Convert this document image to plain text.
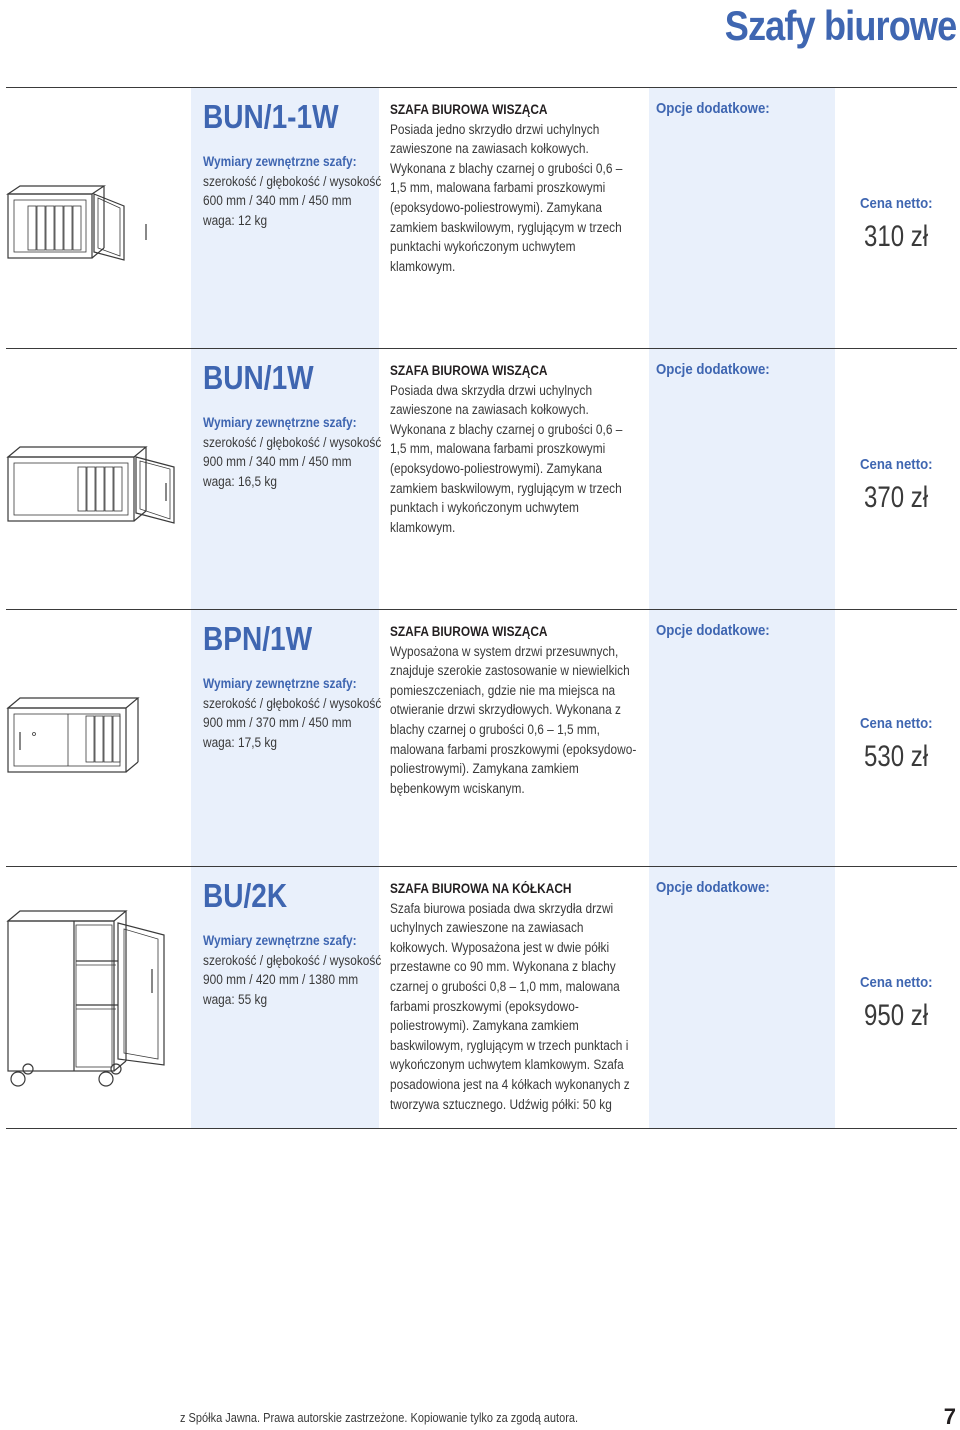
Szafy biurowe
BUN/1-1W
Wymiary zewnętrzne szafy:
szerokość / głębokość / wysokość
600 mm / 340 mm / 450 mm
waga: 12 kg
SZAFA BIUROWA WISZĄCA
Posiada jedno skrzydło drzwi uchylnych zawieszone na zawiasach kołkowych. Wykonana z blachy czarnej o grubości 0,6 – 1,5 mm, malowana farbami proszkowymi (epoksydowo-poliestrowymi). Zamykana zamkiem baskwilowym, ryglującym w trzech punktachi wykończonym uchwytem klamkowym.
Opcje dodatkowe:
Cena netto:
310 zł
BUN/1W
Wymiary zewnętrzne szafy:
szerokość / głębokość / wysokość
900 mm / 340 mm / 450 mm
waga: 16,5 kg
SZAFA BIUROWA WISZĄCA
Posiada dwa skrzydła drzwi uchylnych zawieszone na zawiasach kołkowych. Wykonana z blachy czarnej o grubości 0,6 – 1,5 mm, malowana farbami proszkowymi (epoksydowo-poliestrowymi). Zamykana zamkiem baskwilowym, ryglującym w trzech punktach i wykończonym uchwytem klamkowym.
Opcje dodatkowe:
Cena netto:
370 zł
BPN/1W
Wymiary zewnętrzne szafy:
szerokość / głębokość / wysokość
900 mm / 370 mm / 450 mm
waga: 17,5 kg
SZAFA BIUROWA WISZĄCA
Wyposażona w system drzwi przesuwnych, znajduje szerokie zastosowanie w niewielkich pomieszczeniach, gdzie nie ma miejsca na otwieranie drzwi skrzydłowych. Wykonana z blachy czarnej o grubości 0,6 – 1,5 mm, malowana farbami proszkowymi (epoksydowo-poliestrowymi). Zamykana zamkiem bębenkowym wciskanym.
Opcje dodatkowe:
Cena netto:
530 zł
BU/2K
Wymiary zewnętrzne szafy:
szerokość / głębokość / wysokość
900 mm / 420 mm / 1380 mm
waga: 55 kg
SZAFA BIUROWA NA KÓŁKACH
Szafa biurowa posiada dwa skrzydła drzwi uchylnych zawieszone na zawiasach kołkowych. Wyposażona jest w dwie półki przestawne co 90 mm. Wykonana z blachy czarnej o grubości 0,8 – 1,0 mm, malowana farbami proszkowymi (epoksydowo-poliestrowymi). Zamykana zamkiem baskwilowym, ryglującym w trzech punktach i wykończonym uchwytem klamkowym. Szafa posadowiona jest na 4 kółkach wykonanych z tworzywa sztucznego. Udźwig półki: 50 kg
Opcje dodatkowe:
Cena netto:
950 zł
z Spółka Jawna. Prawa autorskie zastrzeżone. Kopiowanie tylko za zgodą autora.	7
